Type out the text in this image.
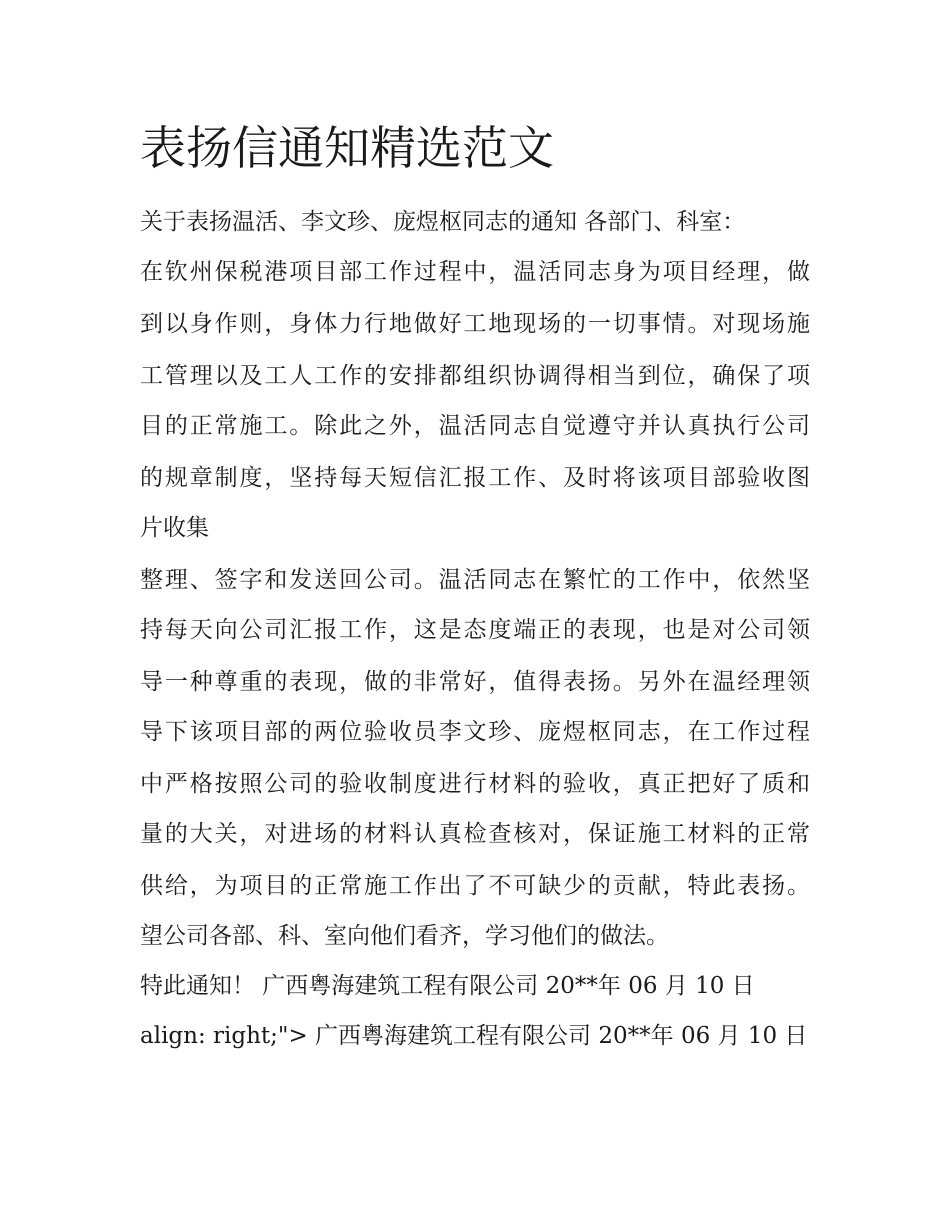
表扬信通知精选范文

关于表扬温活、李文珍、庞煜枢同志的通知 各部门、科室：

在钦州保税港项目部工作过程中，温活同志身为项目经理，做

到以身作则，身体力行地做好工地现场的一切事情。对现场施

工管理以及工人工作的安排都组织协调得相当到位，确保了项

目的正常施工。除此之外，温活同志自觉遵守并认真执行公司

的规章制度，坚持每天短信汇报工作、及时将该项目部验收图

片收集

整理、签字和发送回公司。温活同志在繁忙的工作中，依然坚

持每天向公司汇报工作，这是态度端正的表现，也是对公司领

导一种尊重的表现，做的非常好，值得表扬。另外在温经理领

导下该项目部的两位验收员李文珍、庞煜枢同志，在工作过程

中严格按照公司的验收制度进行材料的验收，真正把好了质和

量的大关，对进场的材料认真检查核对，保证施工材料的正常

供给，为项目的正常施工作出了不可缺少的贡献，特此表扬。

望公司各部、科、室向他们看齐，学习他们的做法。

特此通知！ 广西粤海建筑工程有限公司 20**年 06 月 10 日

align: right;"> 广西粤海建筑工程有限公司 20**年 06 月 10 日
